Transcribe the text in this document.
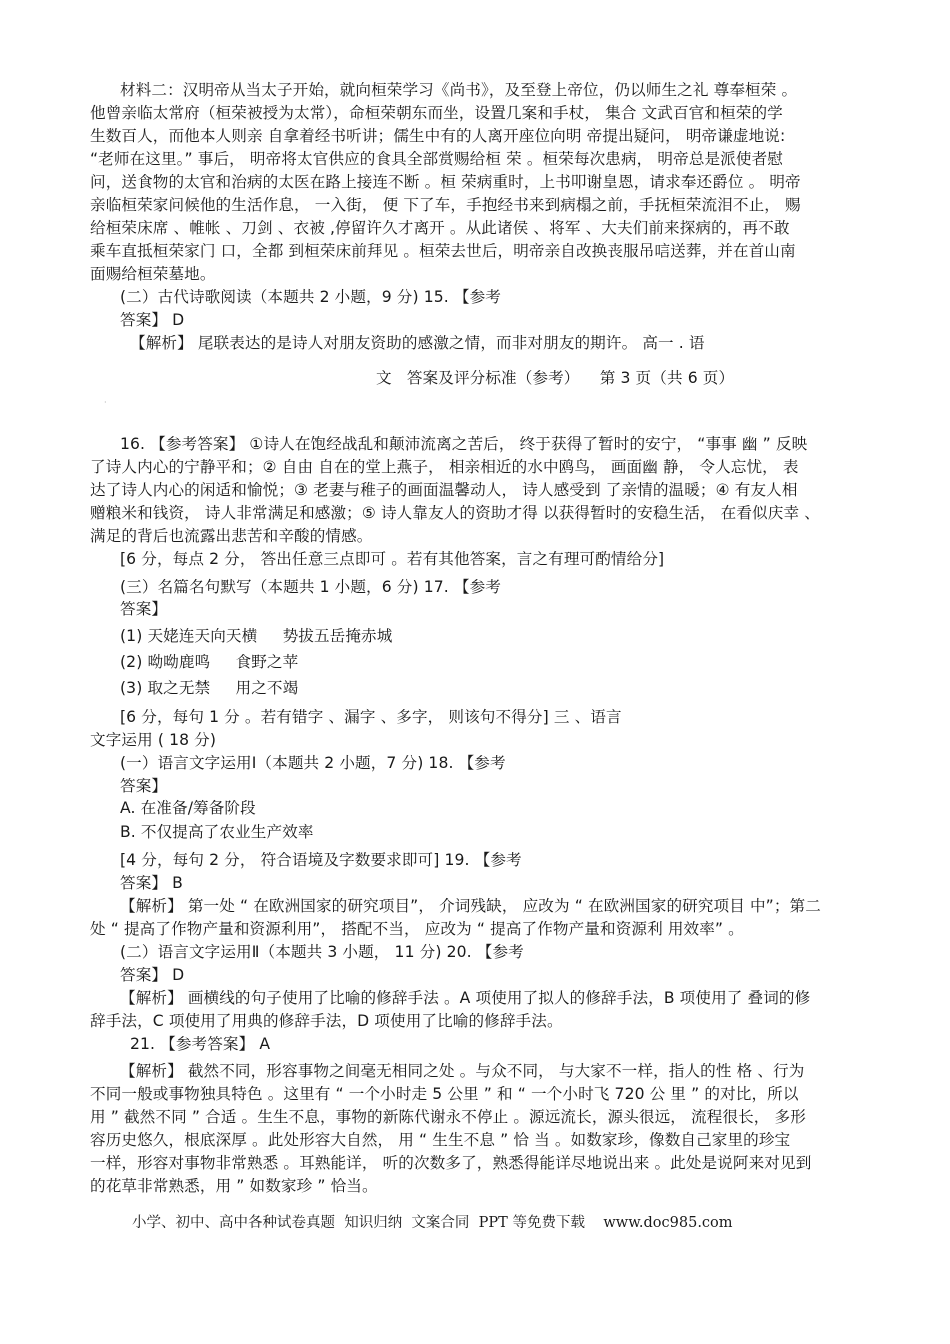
材料二：汉明帝从当太子开始，就向桓荣学习《尚书》，及至登上帝位，仍以师生之礼 尊奉桓荣 。
他曾亲临太常府（桓荣被授为太常），命桓荣朝东而坐，设置几案和手杖， 集合 文武百官和桓荣的学
生数百人，而他本人则亲 自拿着经书听讲；儒生中有的人离开座位向明 帝提出疑问， 明帝谦虚地说:
“老师在这里。” 事后， 明帝将太官供应的食具全部赏赐给桓 荣 。桓荣每次患病， 明帝总是派使者慰
问，送食物的太官和治病的太医在路上接连不断 。桓 荣病重时，上书叩谢皇恩，请求奉还爵位 。 明帝
亲临桓荣家问候他的生活作息， 一入街， 便 下了车，手抱经书来到病榻之前，手抚桓荣流泪不止， 赐
给桓荣床席 、帷帐 、刀剑 、衣被 ,停留许久才离开 。从此诸侯 、将军 、大夫们前来探病的，再不敢
乘车直抵桓荣家门 口，全都 到桓荣床前拜见 。桓荣去世后，明帝亲自改换丧服吊唁送葬，并在首山南
面赐给桓荣墓地。
(二）古代诗歌阅读（本题共 2 小题，9 分) 15. 【参考
答案】 D
【解析】 尾联表达的是诗人对朋友资助的感激之情，而非对朋友的期许。 高一 . 语
文   答案及评分标准（参考）    第 3 页（共 6 页）
·
16. 【参考答案】 ①诗人在饱经战乱和颠沛流离之苦后， 终于获得了暂时的安宁， “事事 幽 ” 反映
了诗人内心的宁静平和；② 自由 自在的堂上燕子， 相亲相近的水中鸥鸟， 画面幽 静， 令人忘忧， 表
达了诗人内心的闲适和愉悦；③ 老妻与稚子的画面温馨动人， 诗人感受到 了亲情的温暖；④ 有友人相
赠粮米和钱资， 诗人非常满足和感激；⑤ 诗人靠友人的资助才得 以获得暂时的安稳生活， 在看似庆幸 、
满足的背后也流露出悲苦和辛酸的情感。
[6 分，每点 2 分， 答出任意三点即可 。若有其他答案，言之有理可酌情给分]
(三）名篇名句默写（本题共 1 小题，6 分) 17. 【参考
答案】
(1) 天姥连天向天横     势拔五岳掩赤城
(2) 呦呦鹿鸣     食野之苹
(3) 取之无禁     用之不竭
[6 分，每句 1 分 。若有错字 、漏字 、多字， 则该句不得分] 三 、语言
文字运用 ( 18 分)
(一）语言文字运用Ⅰ（本题共 2 小题，7 分) 18. 【参考
答案】
A. 在准备/筹备阶段
B. 不仅提高了农业生产效率
[4 分，每句 2 分， 符合语境及字数要求即可] 19. 【参考
答案】 B
【解析】 第一处 “ 在欧洲国家的研究项目”， 介词残缺， 应改为 “ 在欧洲国家的研究项目 中”；第二
处 “ 提高了作物产量和资源利用”， 搭配不当， 应改为 “ 提高了作物产量和资源利 用效率” 。
(二）语言文字运用Ⅱ（本题共 3 小题， 11 分) 20. 【参考
答案】 D
【解析】 画横线的句子使用了比喻的修辞手法 。A 项使用了拟人的修辞手法，B 项使用了 叠词的修
辞手法，C 项使用了用典的修辞手法，D 项使用了比喻的修辞手法。
21. 【参考答案】 A
【解析】 截然不同，形容事物之间毫无相同之处 。与众不同， 与大家不一样，指人的性 格 、行为
不同一般或事物独具特色 。这里有 “ 一个小时走 5 公里 ” 和 “ 一个小时飞 720 公 里 ” 的对比，所以
用 ” 截然不同 ” 合适 。生生不息，事物的新陈代谢永不停止 。源远流长，源头很远， 流程很长， 多形
容历史悠久，根底深厚 。此处形容大自然， 用 “ 生生不息 ” 恰 当 。如数家珍，像数自己家里的珍宝
一样，形容对事物非常熟悉 。耳熟能详， 听的次数多了，熟悉得能详尽地说出来 。此处是说阿来对见到
的花草非常熟悉，用 ” 如数家珍 ” 恰当。
小学、初中、高中各种试卷真题  知识归纳  文案合同  PPT 等免费下载    www.doc985.com
